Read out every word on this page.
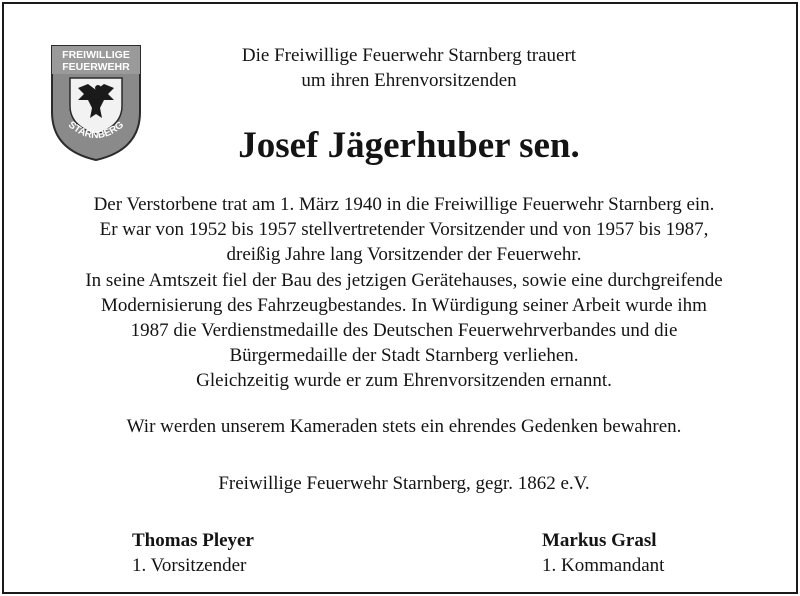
FREIWILLIGE
FEUERWEHR
STARNBERG
Die Freiwillige Feuerwehr Starnberg trauert
um ihren Ehrenvorsitzenden
Josef Jägerhuber sen.
Der Verstorbene trat am 1. März 1940 in die Freiwillige Feuerwehr Starnberg ein.
Er war von 1952 bis 1957 stellvertretender Vorsitzender und von 1957 bis 1987,
dreißig Jahre lang Vorsitzender der Feuerwehr.
In seine Amtszeit fiel der Bau des jetzigen Gerätehauses, sowie eine durchgreifende
Modernisierung des Fahrzeugbestandes. In Würdigung seiner Arbeit wurde ihm
1987 die Verdienstmedaille des Deutschen Feuerwehrverbandes und die
Bürgermedaille der Stadt Starnberg verliehen.
Gleichzeitig wurde er zum Ehrenvorsitzenden ernannt.
Wir werden unserem Kameraden stets ein ehrendes Gedenken bewahren.
Freiwillige Feuerwehr Starnberg, gegr. 1862 e.V.
Thomas Pleyer
1. Vorsitzender
Markus Grasl
1. Kommandant
